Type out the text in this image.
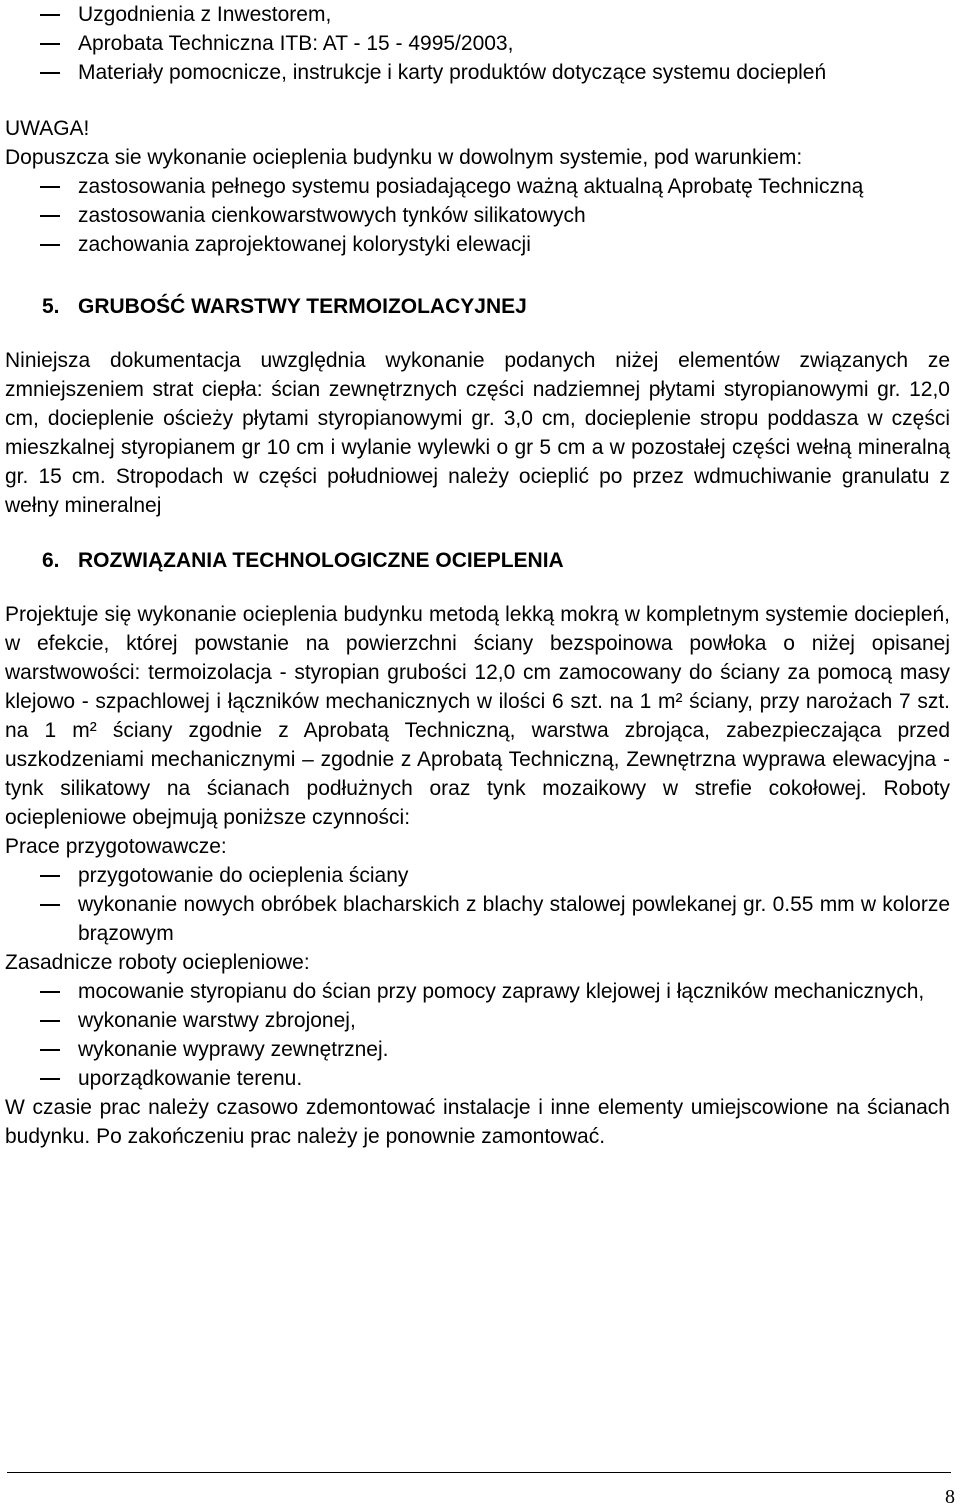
Uzgodnienia z Inwestorem,
Aprobata Techniczna ITB: AT - 15 - 4995/2003,
Materiały pomocnicze, instrukcje i karty produktów dotyczące systemu dociepleń

UWAGA!

Dopuszcza sie wykonanie ocieplenia budynku w dowolnym systemie, pod warunkiem:

zastosowania pełnego systemu posiadającego ważną aktualną Aprobatę Techniczną
zastosowania cienkowarstwowych tynków silikatowych
zachowania zaprojektowanej kolorystyki elewacji
5. GRUBOŚĆ WARSTWY TERMOIZOLACYJNEJ

Niniejsza dokumentacja uwzględnia wykonanie podanych niżej elementów związanych ze zmniejszeniem strat ciepła: ścian zewnętrznych części nadziemnej płytami styropianowymi gr. 12,0 cm, docieplenie ościeży płytami styropianowymi gr. 3,0 cm, docieplenie stropu poddasza w części mieszkalnej styropianem gr 10 cm i wylanie wylewki o gr 5 cm a w pozostałej części wełną mineralną gr. 15 cm. Stropodach w części południowej należy ocieplić po przez wdmuchiwanie granulatu z wełny mineralnej

6. ROZWIĄZANIA TECHNOLOGICZNE OCIEPLENIA

Projektuje się wykonanie ocieplenia budynku metodą lekką mokrą w kompletnym systemie dociepleń, w efekcie, której powstanie na powierzchni ściany bezspoinowa powłoka o niżej opisanej warstwowości: termoizolacja - styropian grubości 12,0 cm zamocowany do ściany za pomocą masy klejowo - szpachlowej i łączników mechanicznych w ilości 6 szt. na 1 m² ściany, przy narożach 7 szt. na 1 m² ściany zgodnie z Aprobatą Techniczną, warstwa zbrojąca, zabezpieczająca przed uszkodzeniami mechanicznymi – zgodnie z Aprobatą Techniczną, Zewnętrzna wyprawa elewacyjna - tynk silikatowy na ścianach podłużnych oraz tynk mozaikowy w strefie cokołowej. Roboty ociepleniowe obejmują poniższe czynności:

Prace przygotowawcze:

przygotowanie do ocieplenia ściany
wykonanie nowych obróbek blacharskich z blachy stalowej powlekanej gr. 0.55 mm w kolorze brązowym

Zasadnicze roboty ociepleniowe:

mocowanie styropianu do ścian przy pomocy zaprawy klejowej i łączników mechanicznych,
wykonanie warstwy zbrojonej,
wykonanie wyprawy zewnętrznej.
uporządkowanie terenu.

W czasie prac należy czasowo zdemontować instalacje i inne elementy umiejscowione na ścianach budynku. Po zakończeniu prac należy je ponownie zamontować.

8
